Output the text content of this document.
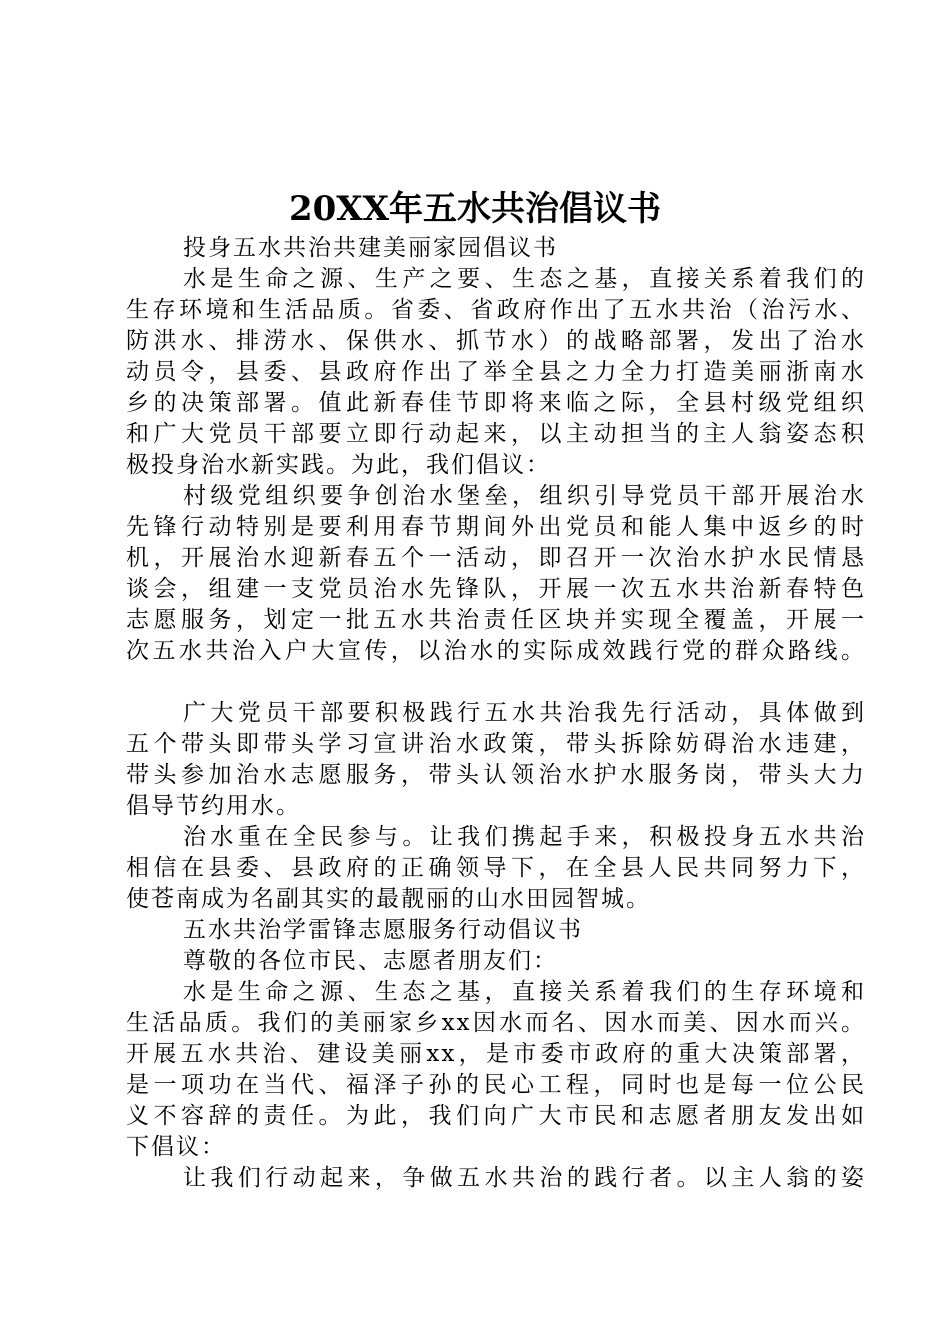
20XX年五水共治倡议书
投身五水共治共建美丽家园倡议书
水是生命之源、生产之要、生态之基，直接关系着我们的
生存环境和生活品质。省委、省政府作出了五水共治（治污水、
防洪水、排涝水、保供水、抓节水）的战略部署，发出了治水
动员令，县委、县政府作出了举全县之力全力打造美丽浙南水
乡的决策部署。值此新春佳节即将来临之际，全县村级党组织
和广大党员干部要立即行动起来，以主动担当的主人翁姿态积
极投身治水新实践。为此，我们倡议：
村级党组织要争创治水堡垒，组织引导党员干部开展治水
先锋行动特别是要利用春节期间外出党员和能人集中返乡的时
机，开展治水迎新春五个一活动，即召开一次治水护水民情恳
谈会，组建一支党员治水先锋队，开展一次五水共治新春特色
志愿服务，划定一批五水共治责任区块并实现全覆盖，开展一
次五水共治入户大宣传，以治水的实际成效践行党的群众路线。
广大党员干部要积极践行五水共治我先行活动，具体做到
五个带头即带头学习宣讲治水政策，带头拆除妨碍治水违建，
带头参加治水志愿服务，带头认领治水护水服务岗，带头大力
倡导节约用水。
治水重在全民参与。让我们携起手来，积极投身五水共治
相信在县委、县政府的正确领导下，在全县人民共同努力下，
使苍南成为名副其实的最靓丽的山水田园智城。
五水共治学雷锋志愿服务行动倡议书
尊敬的各位市民、志愿者朋友们：
水是生命之源、生态之基，直接关系着我们的生存环境和
生活品质。我们的美丽家乡xx因水而名、因水而美、因水而兴。
开展五水共治、建设美丽xx，是市委市政府的重大决策部署，
是一项功在当代、福泽子孙的民心工程，同时也是每一位公民
义不容辞的责任。为此，我们向广大市民和志愿者朋友发出如
下倡议：
让我们行动起来，争做五水共治的践行者。以主人翁的姿
